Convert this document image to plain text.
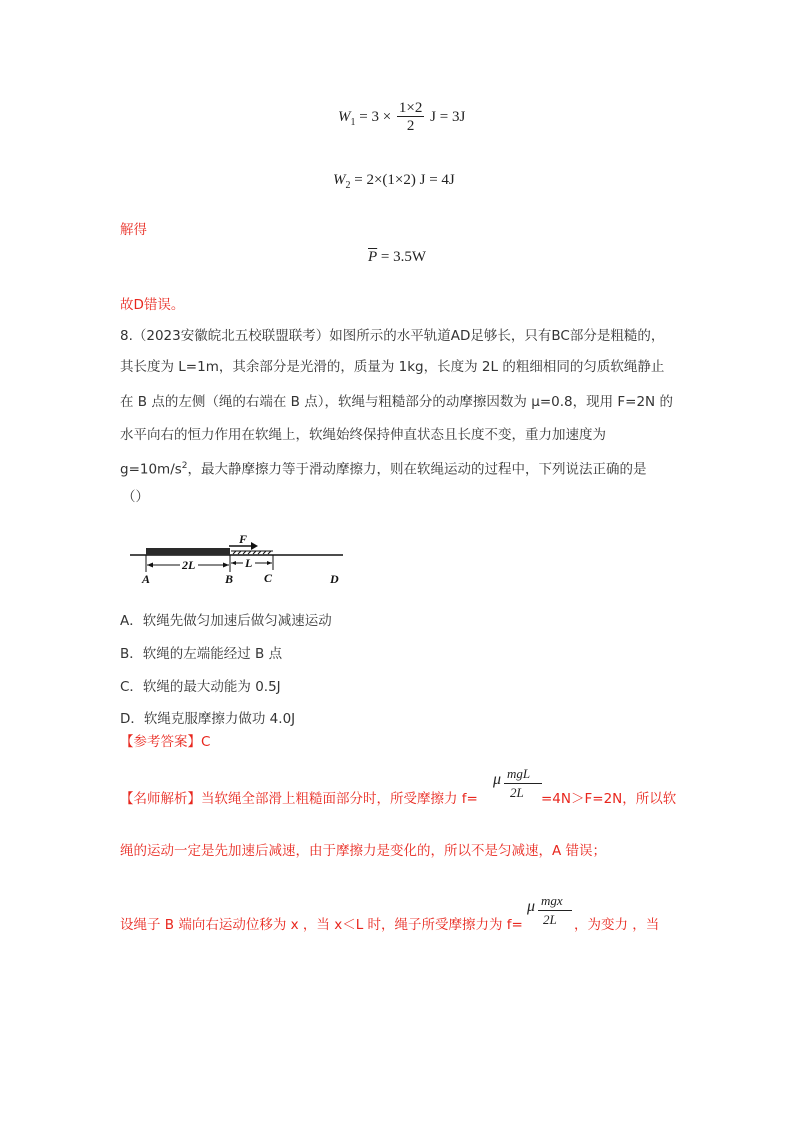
$W_1 = 3 \times \frac{1\times 2}{2}$ J = 3J
$W_2 = 2\times(1\times 2) J = 4J$
解得
$\overline{P} = 3.5W$
故D错误。
8.（2023安徽皖北五校联盟联考）如图所示的水平轨道AD足够长，只有BC部分是粗糙的，
其长度为 L=1m，其余部分是光滑的，质量为 1kg，长度为 2L 的粗细相同的匀质软绳静止
在 B 点的左侧（绳的右端在 B 点），软绳与粗糙部分的动摩擦因数为 μ=0.8，现用 F=2N 的
水平向右的恒力作用在软绳上，软绳始终保持伸直状态且长度不变，重力加速度为
$g=10m/s^2$，最大静摩擦力等于滑动摩擦力，则在软绳运动的过程中，下列说法正确的是
（）
F
2L	L
A	B	C	D
A．软绳先做匀加速后做匀减速运动
B．软绳的左端能经过 B 点
C．软绳的最大动能为 0.5J
D．软绳克服摩擦力做功 4.0J
【参考答案】C
【名师解析】当软绳全部滑上粗糙面部分时，所受摩擦力 f=
μ mgL
2L =4N＞F=2N，所以软
绳的运动一定是先加速后减速，由于摩擦力是变化的，所以不是匀减速，A 错误；
设绳子 B 端向右运动位移为 x ，当 x＜L 时，绳子所受摩擦力为 f=
μ mgx
2L ，为变力 ，当
